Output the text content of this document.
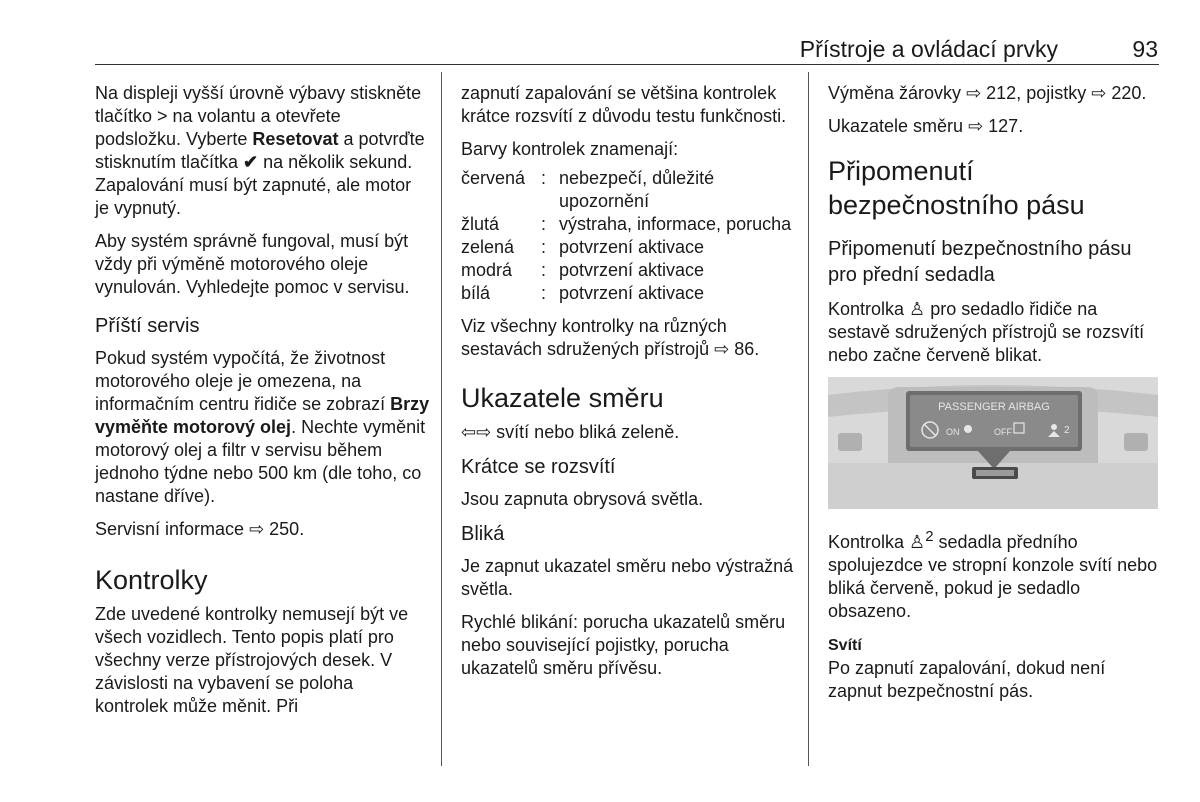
Přístroje a ovládací prvky	93

Na displeji vyšší úrovně výbavy stiskněte tlačítko > na volantu a otevřete podsložku. Vyberte Resetovat a potvrďte stisknutím tlačítka ✔ na několik sekund. Zapalování musí být zapnuté, ale motor je vypnutý.

Aby systém správně fungoval, musí být vždy při výměně motorového oleje vynulován. Vyhledejte pomoc v servisu.

Příští servis

Pokud systém vypočítá, že životnost motorového oleje je omezena, na informačním centru řidiče se zobrazí Brzy vyměňte motorový olej. Nechte vyměnit motorový olej a filtr v servisu během jednoho týdne nebo 500 km (dle toho, co nastane dříve).

Servisní informace ⇨ 250.

Kontrolky

Zde uvedené kontrolky nemusejí být ve všech vozidlech. Tento popis platí pro všechny verze přístrojových desek. V závislosti na vybavení se poloha kontrolek může měnit. Při

zapnutí zapalování se většina kontrolek krátce rozsvítí z důvodu testu funkčnosti.

Barvy kontrolek znamenají:

červená : nebezpečí, důležité upozornění
žlutá	: výstraha, informace, porucha
zelená	: potvrzení aktivace
modrá	: potvrzení aktivace
bílá	: potvrzení aktivace

Viz všechny kontrolky na různých sestavách sdružených přístrojů ⇨ 86.

Ukazatele směru

⇦⇨ svítí nebo bliká zeleně.

Krátce se rozsvítí

Jsou zapnuta obrysová světla.

Bliká

Je zapnut ukazatel směru nebo výstražná světla.

Rychlé blikání: porucha ukazatelů směru nebo související pojistky, porucha ukazatelů směru přívěsu.

Výměna žárovky ⇨ 212, pojistky ⇨ 220.

Ukazatele směru ⇨ 127.

Připomenutí bezpečnostního pásu
Připomenutí bezpečnostního pásu pro přední sedadla

Kontrolka ♙ pro sedadlo řidiče na sestavě sdružených přístrojů se rozsvítí nebo začne červeně blikat.

PASSENGER AIRBAG
ON	OFF	2

Kontrolka ♙$^2$ sedadla předního spolujezdce ve stropní konzole svítí nebo bliká červeně, pokud je sedadlo obsazeno.

Svítí

Po zapnutí zapalování, dokud není zapnut bezpečnostní pás.
